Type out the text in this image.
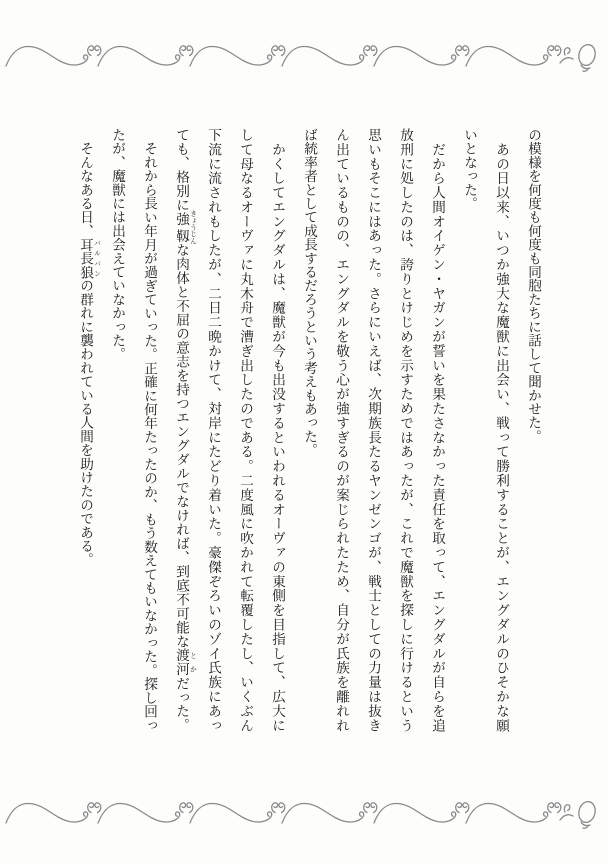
の模様を何度も何度も同胞たちに話して聞かせた。
　あの日以来、いつか強大な魔獣に出会い、戦って勝利することが、エングダルのひそかな願
いとなった。
　だから人間オイゲン・ヤガンが誓いを果たさなかった責任を取って、エングダルが自らを追
放刑に処したのは、誇りとけじめを示すためではあったが、これで魔獣を探しに行けるという
思いもそこにはあった。さらにいえば、次期族長たるヤンゼンゴが、戦士としての力量は抜き
ん出ているものの、エングダルを敬う心が強すぎるのが案じられたため、自分が氏族を離れれ
ば統率者として成長するだろうという考えもあった。
　かくしてエングダルは、魔獣が今も出没するといわれるオーヴァの東側を目指して、広大に
して母なるオーヴァに丸木舟で漕ぎ出したのである。二度風に吹かれて転覆したし、いくぶん
下流に流されもしたが、二日二晩かけて、対岸にたどり着いた。豪傑ぞろいのゾイ氏族にあっ
ても、格別に強靱 きょうじんな肉体と不屈の意志を持つエングダルでなければ、到底不可能な渡河 とかだった。
　それから長い年月が過ぎていった。正確に何年たったのか、もう数えてもいなかった。探し回っ
たが、魔獣には出会えていなかった。
　そんなある日、耳長狼 バルバンの群れに襲われている人間を助けたのである。
